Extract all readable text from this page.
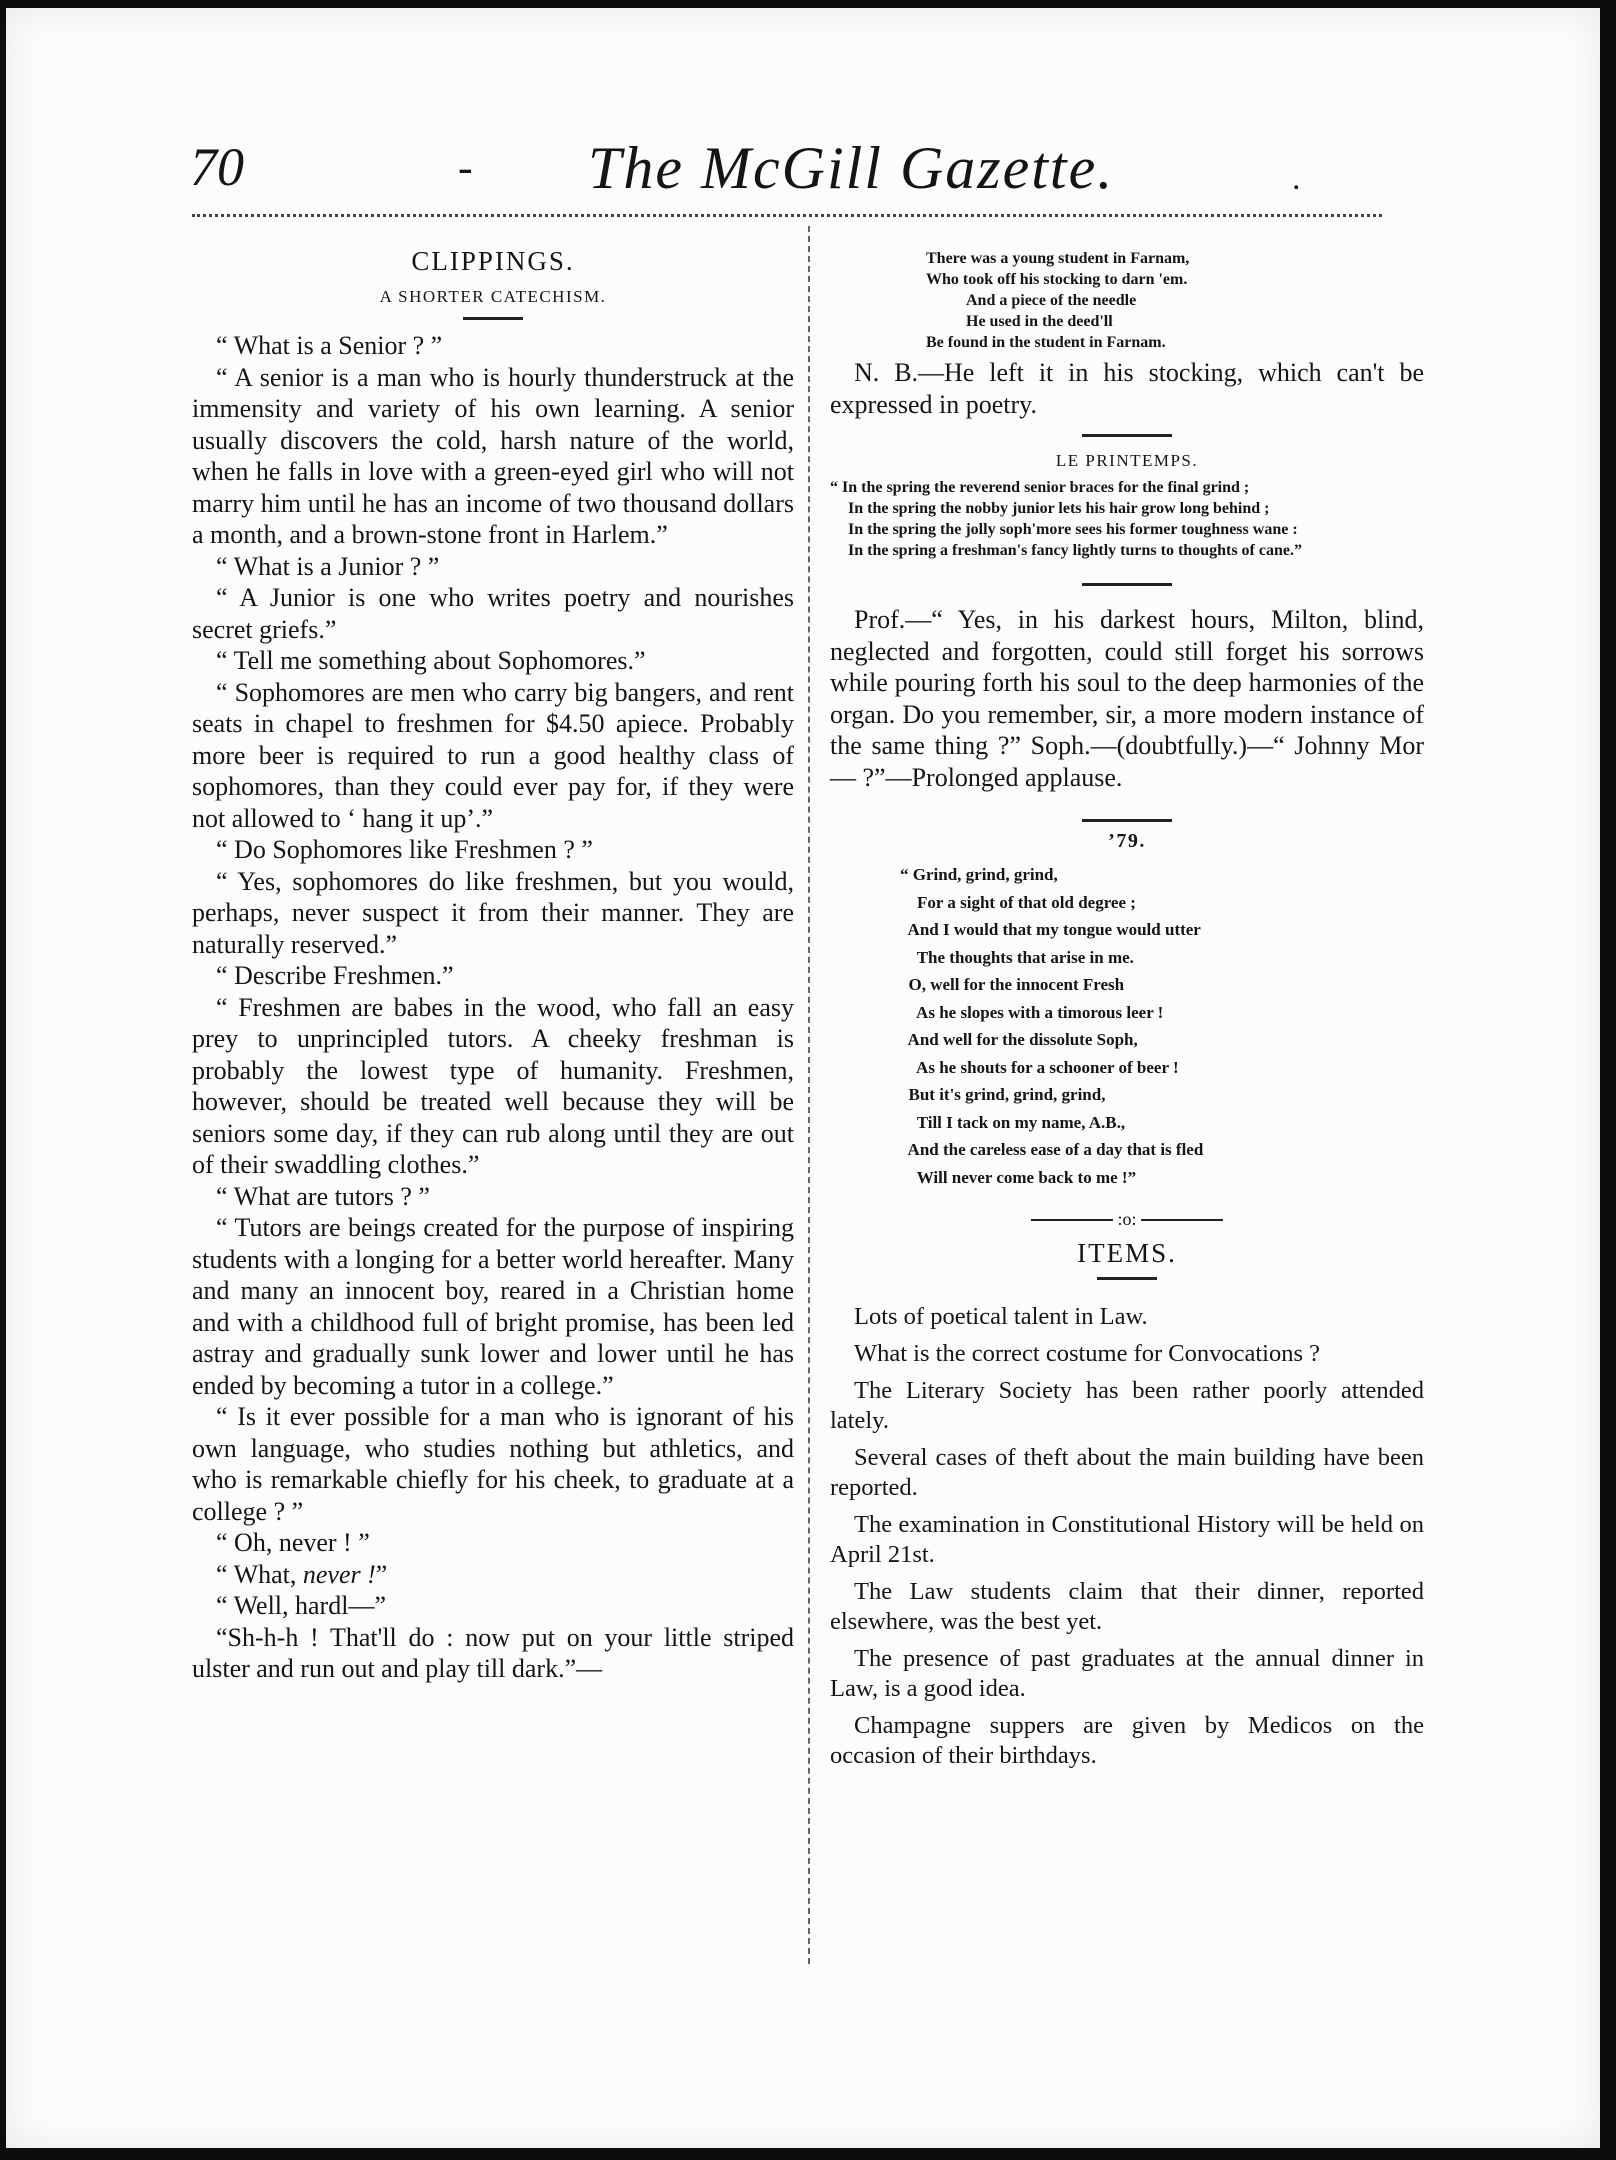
70	- The McGill Gazette.	.
CLIPPINGS.
A SHORTER CATECHISM.

“ What is a Senior ? ”

“ A senior is a man who is hourly thunderstruck at the immensity and variety of his own learning. A senior usually discovers the cold, harsh nature of the world, when he falls in love with a green-eyed girl who will not marry him until he has an income of two thousand dollars a month, and a brown-stone front in Harlem.”

“ What is a Junior ? ”

“ A Junior is one who writes poetry and nourishes secret griefs.”

“ Tell me something about Sophomores.”

“ Sophomores are men who carry big bangers, and rent seats in chapel to freshmen for $4.50 apiece. Probably more beer is required to run a good healthy class of sophomores, than they could ever pay for, if they were not allowed to ‘ hang it up’.”

“ Do Sophomores like Freshmen ? ”

“ Yes, sophomores do like freshmen, but you would, perhaps, never suspect it from their manner. They are naturally reserved.”

“ Describe Freshmen.”

“ Freshmen are babes in the wood, who fall an easy prey to unprincipled tutors. A cheeky freshman is probably the lowest type of humanity. Freshmen, however, should be treated well because they will be seniors some day, if they can rub along until they are out of their swaddling clothes.”

“ What are tutors ? ”

“ Tutors are beings created for the purpose of inspiring students with a longing for a better world hereafter. Many and many an innocent boy, reared in a Christian home and with a childhood full of bright promise, has been led astray and gradually sunk lower and lower until he has ended by becoming a tutor in a college.”

“ Is it ever possible for a man who is ignorant of his own language, who studies nothing but athletics, and who is remarkable chiefly for his cheek, to graduate at a college ? ”

“ Oh, never ! ”

“ What, never !”

“ Well, hardl—”

“Sh-h-h ! That'll do : now put on your little striped ulster and run out and play till dark.”—

There was a young student in Farnam,

Who took off his stocking to darn 'em.

And a piece of the needle

He used in the deed'll

Be found in the student in Farnam.

N. B.—He left it in his stocking, which can't be expressed in poetry.

LE PRINTEMPS.

“ In the spring the reverend senior braces for the final grind ;

In the spring the nobby junior lets his hair grow long behind ;

In the spring the jolly soph'more sees his former toughness wane :

In the spring a freshman's fancy lightly turns to thoughts of cane.”

Prof.—“ Yes, in his darkest hours, Milton, blind, neglected and forgotten, could still forget his sorrows while pouring forth his soul to the deep harmonies of the organ. Do you remember, sir, a more modern instance of the same thing ?” Soph.—(doubtfully.)—“ Johnny Mor— ?”—Prolonged applause.

’79.

“ Grind, grind, grind,

For a sight of that old degree ;

And I would that my tongue would utter

The thoughts that arise in me.

O, well for the innocent Fresh

As he slopes with a timorous leer !

And well for the dissolute Soph,

As he shouts for a schooner of beer !

But it's grind, grind, grind,

Till I tack on my name, A.B.,

And the careless ease of a day that is fled

Will never come back to me !”

:o:
ITEMS.

Lots of poetical talent in Law.

What is the correct costume for Convocations ?

The Literary Society has been rather poorly attended lately.

Several cases of theft about the main building have been reported.

The examination in Constitutional History will be held on April 21st.

The Law students claim that their dinner, reported elsewhere, was the best yet.

The presence of past graduates at the annual dinner in Law, is a good idea.

Champagne suppers are given by Medicos on the occasion of their birthdays.
